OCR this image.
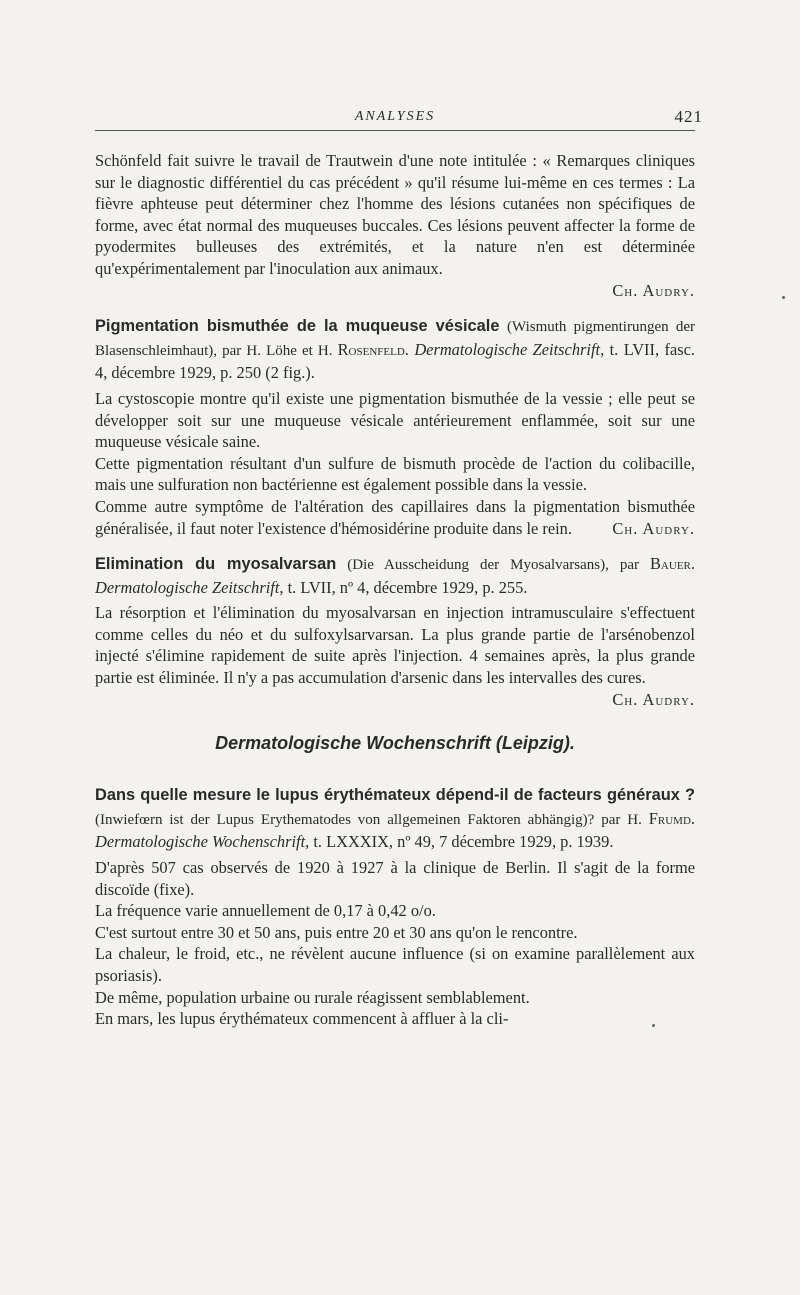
ANALYSES	421

Schönfeld fait suivre le travail de Trautwein d'une note intitulée : « Remarques cliniques sur le diagnostic différentiel du cas précédent » qu'il résume lui-même en ces termes : La fièvre aphteuse peut déterminer chez l'homme des lésions cutanées non spécifiques de forme, avec état normal des muqueuses buccales. Ces lésions peuvent affecter la forme de pyodermites bulleuses des extrémités, et la nature n'en est déterminée qu'expérimentalement par l'inoculation aux animaux.

Ch. Audry.

Pigmentation bismuthée de la muqueuse vésicale (Wismuth pigmentirungen der Blasenschleimhaut), par H. Löhe et H. Rosenfeld. Dermatologische Zeitschrift, t. LVII, fasc. 4, décembre 1929, p. 250 (2 fig.).

La cystoscopie montre qu'il existe une pigmentation bismuthée de la vessie ; elle peut se développer soit sur une muqueuse vésicale antérieurement enflammée, soit sur une muqueuse vésicale saine.

Cette pigmentation résultant d'un sulfure de bismuth procède de l'action du colibacille, mais une sulfuration non bactérienne est également possible dans la vessie.

Comme autre symptôme de l'altération des capillaires dans la pigmentation bismuthée généralisée, il faut noter l'existence d'hémosidérine produite dans le rein. Ch. Audry.

Elimination du myosalvarsan (Die Ausscheidung der Myosalvarsans), par Bauer. Dermatologische Zeitschrift, t. LVII, nº 4, décembre 1929, p. 255.

La résorption et l'élimination du myosalvarsan en injection intramusculaire s'effectuent comme celles du néo et du sulfoxylsarvarsan. La plus grande partie de l'arsénobenzol injecté s'élimine rapidement de suite après l'injection. 4 semaines après, la plus grande partie est éliminée. Il n'y a pas accumulation d'arsenic dans les intervalles des cures.
Ch. Audry.

Dermatologische Wochenschrift (Leipzig).

Dans quelle mesure le lupus érythémateux dépend-il de facteurs généraux ? (Inwiefœrn ist der Lupus Erythematodes von allgemeinen Faktoren abhängig)? par H. Frumd. Dermatologische Wochenschrift, t. LXXXIX, nº 49, 7 décembre 1929, p. 1939.

D'après 507 cas observés de 1920 à 1927 à la clinique de Berlin. Il s'agit de la forme discoïde (fixe).

La fréquence varie annuellement de 0,17 à 0,42 o/o.

C'est surtout entre 30 et 50 ans, puis entre 20 et 30 ans qu'on le rencontre.

La chaleur, le froid, etc., ne révèlent aucune influence (si on examine parallèlement aux psoriasis).

De même, population urbaine ou rurale réagissent semblablement.

En mars, les lupus érythémateux commencent à affluer à la cli-
